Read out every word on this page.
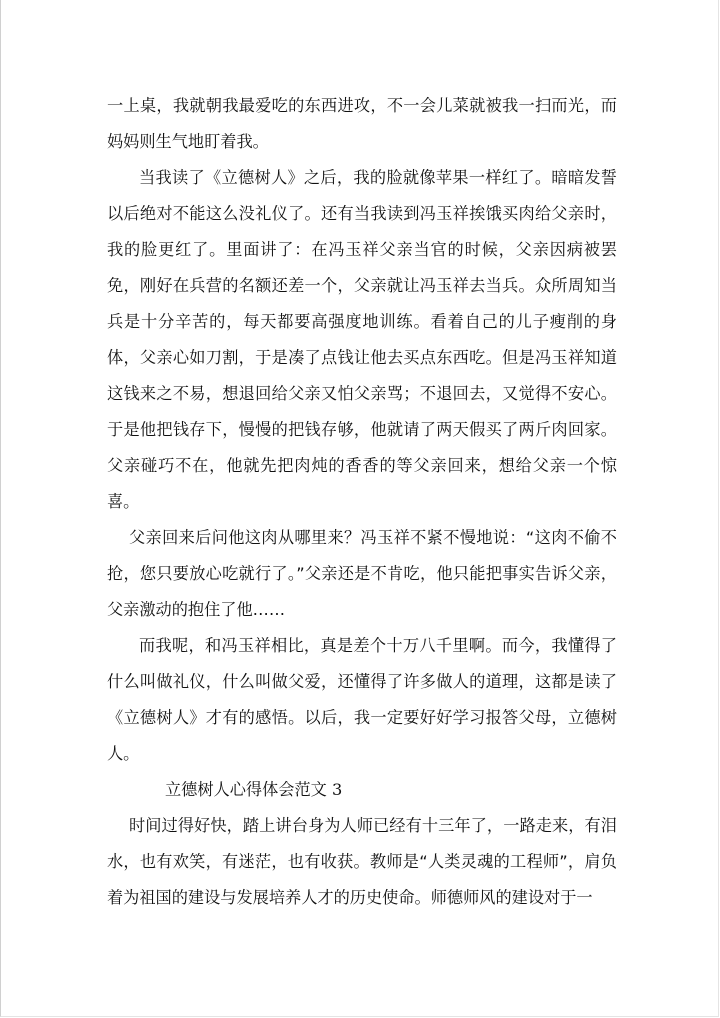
一上桌，我就朝我最爱吃的东西进攻，不一会儿菜就被我一扫而光，而妈妈则生气地盯着我。

当我读了《立德树人》之后，我的脸就像苹果一样红了。暗暗发誓以后绝对不能这么没礼仪了。还有当我读到冯玉祥挨饿买肉给父亲时，我的脸更红了。里面讲了：在冯玉祥父亲当官的时候，父亲因病被罢免，刚好在兵营的名额还差一个，父亲就让冯玉祥去当兵。众所周知当兵是十分辛苦的，每天都要高强度地训练。看着自己的儿子瘦削的身体，父亲心如刀割，于是凑了点钱让他去买点东西吃。但是冯玉祥知道这钱来之不易，想退回给父亲又怕父亲骂；不退回去，又觉得不安心。于是他把钱存下，慢慢的把钱存够，他就请了两天假买了两斤肉回家。父亲碰巧不在，他就先把肉炖的香香的等父亲回来，想给父亲一个惊喜。

父亲回来后问他这肉从哪里来？冯玉祥不紧不慢地说：“这肉不偷不抢，您只要放心吃就行了。”父亲还是不肯吃，他只能把事实告诉父亲，父亲激动的抱住了他……

而我呢，和冯玉祥相比，真是差个十万八千里啊。而今，我懂得了什么叫做礼仪，什么叫做父爱，还懂得了许多做人的道理，这都是读了《立德树人》才有的感悟。以后，我一定要好好学习报答父母，立德树人。

立德树人心得体会范文 3

时间过得好快，踏上讲台身为人师已经有十三年了，一路走来，有泪水，也有欢笑，有迷茫，也有收获。教师是“人类灵魂的工程师”，肩负着为祖国的建设与发展培养人才的历史使命。师德师风的建设对于一
